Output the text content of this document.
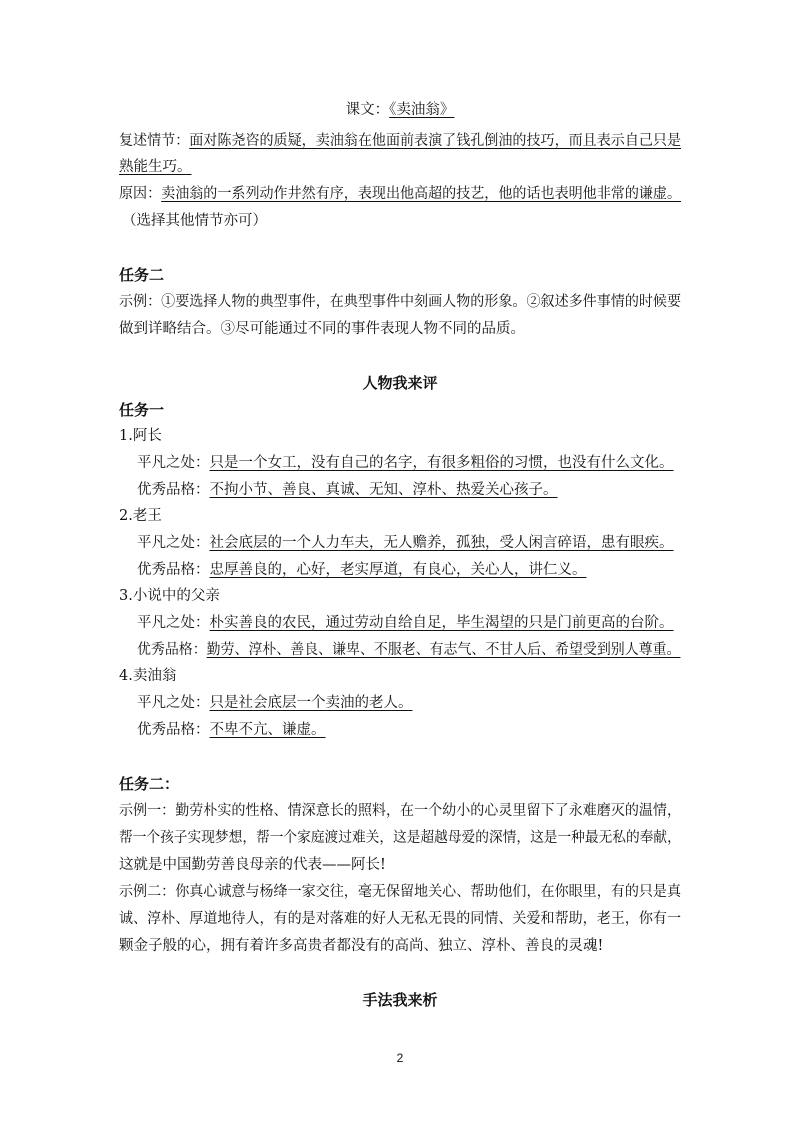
课文：《卖油翁》
复述情节：面对陈尧咨的质疑，卖油翁在他面前表演了钱孔倒油的技巧，而且表示自己只是
熟能生巧。
原因：卖油翁的一系列动作井然有序，表现出他高超的技艺，他的话也表明他非常的谦虚。
（选择其他情节亦可）
任务二
示例：①要选择人物的典型事件，在典型事件中刻画人物的形象。②叙述多件事情的时候要
做到详略结合。③尽可能通过不同的事件表现人物不同的品质。
人物我来评
任务一
1.阿长
平凡之处：只是一个女工，没有自己的名字，有很多粗俗的习惯，也没有什么文化。
优秀品格：不拘小节、善良、真诚、无知、淳朴、热爱关心孩子。
2.老王
平凡之处：社会底层的一个人力车夫，无人赡养，孤独，受人闲言碎语，患有眼疾。
优秀品格：忠厚善良的，心好，老实厚道，有良心，关心人，讲仁义。
3.小说中的父亲
平凡之处：朴实善良的农民，通过劳动自给自足，毕生渴望的只是门前更高的台阶。
优秀品格：勤劳、淳朴、善良、谦卑、不服老、有志气、不甘人后、希望受到别人尊重。
4.卖油翁
平凡之处：只是社会底层一个卖油的老人。
优秀品格：不卑不亢、谦虚。
任务二：
示例一：勤劳朴实的性格、情深意长的照料，在一个幼小的心灵里留下了永难磨灭的温情，
帮一个孩子实现梦想，帮一个家庭渡过难关，这是超越母爱的深情，这是一种最无私的奉献，
这就是中国勤劳善良母亲的代表——阿长!
示例二：你真心诚意与杨绛一家交往，毫无保留地关心、帮助他们，在你眼里，有的只是真
诚、淳朴、厚道地待人，有的是对落难的好人无私无畏的同情、关爱和帮助，老王，你有一
颗金子般的心，拥有着许多高贵者都没有的高尚、独立、淳朴、善良的灵魂!
手法我来析
2
